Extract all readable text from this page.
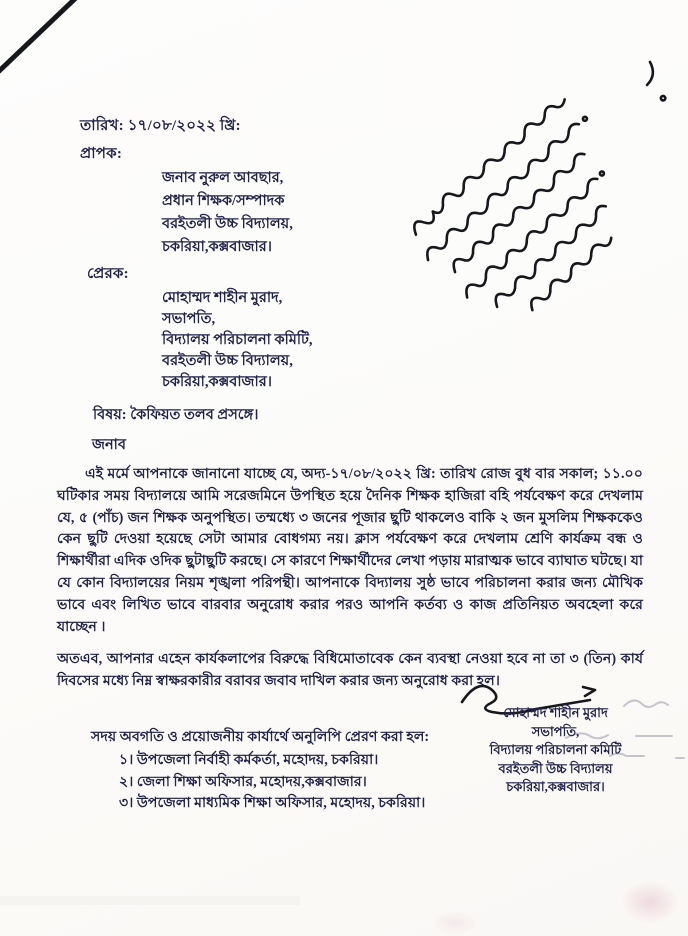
তারিখ: ১৭/০৮/২০২২ খ্রি:
প্রাপক:
জনাব নুরুল আবছার,
প্রধান শিক্ষক/সম্পাদক
বরইতলী উচ্চ বিদ্যালয়,
চকরিয়া,কক্সবাজার।
প্রেরক:
মোহাম্মদ শাহীন মুরাদ,
সভাপতি,
বিদ্যালয় পরিচালনা কমিটি,
বরইতলী উচ্চ বিদ্যালয়,
চকরিয়া,কক্সবাজার।
বিষয়: কৈফিয়ত তলব প্রসঙ্গে।
জনাব

এই মর্মে আপনাকে জানানো যাচ্ছে যে, অদ্য-১৭/০৮/২০২২ খ্রি: তারিখ রোজ বুধ বার সকাল; ১১.০০ ঘটিকার সময় বিদ্যালয়ে আমি সরেজমিনে উপস্থিত হয়ে দৈনিক শিক্ষক হাজিরা বহি পর্যবেক্ষণ করে দেখলাম যে, ৫ (পাঁচ) জন শিক্ষক অনুপস্থিত। তম্মধ্যে ৩ জনের পূজার ছুটি থাকলেও বাকি ২ জন মুসলিম শিক্ষককেও কেন ছুটি দেওয়া হয়েছে সেটা আমার বোধগম্য নয়। ক্লাস পর্যবেক্ষণ করে দেখলাম শ্রেণি কার্যক্রম বন্ধ ও শিক্ষার্থীরা এদিক ওদিক ছুটাছুটি করছে। সে কারণে শিক্ষার্থীদের লেখা পড়ায় মারাত্মক ভাবে ব্যাঘাত ঘটছে। যা যে কোন বিদ্যালয়ের নিয়ম শৃঙ্খলা পরিপন্থী। আপনাকে বিদ্যালয় সুষ্ঠ ভাবে পরিচালনা করার জন্য মৌখিক ভাবে এবং লিখিত ভাবে বারবার অনুরোধ করার পরও আপনি কর্তব্য ও কাজ প্রতিনিয়ত অবহেলা করে যাচ্ছেন ।

অতএব, আপনার এহেন কার্যকলাপের বিরুদ্ধে বিধিমোতাবেক কেন ব্যবস্থা নেওয়া হবে না তা ৩ (তিন) কার্য দিবসের মধ্যে নিম্ন স্বাক্ষরকারীর বরাবর জবাব দাখিল করার জন্য অনুরোধ করা হল।

মোহাম্মদ শাহীন মুরাদ
সভাপতি,
বিদ্যালয় পরিচালনা কমিটি
বরইতলী উচ্চ বিদ্যালয়
চকরিয়া,কক্সবাজার।
সদয় অবগতি ও প্রয়োজনীয় কার্যার্থে অনুলিপি প্রেরণ করা হল:
১। উপজেলা নির্বাহী কর্মকর্তা, মহোদয়, চকরিয়া।
২। জেলা শিক্ষা অফিসার, মহোদয়,কক্সবাজার।
৩। উপজেলা মাধ্যমিক শিক্ষা অফিসার, মহোদয়, চকরিয়া।
